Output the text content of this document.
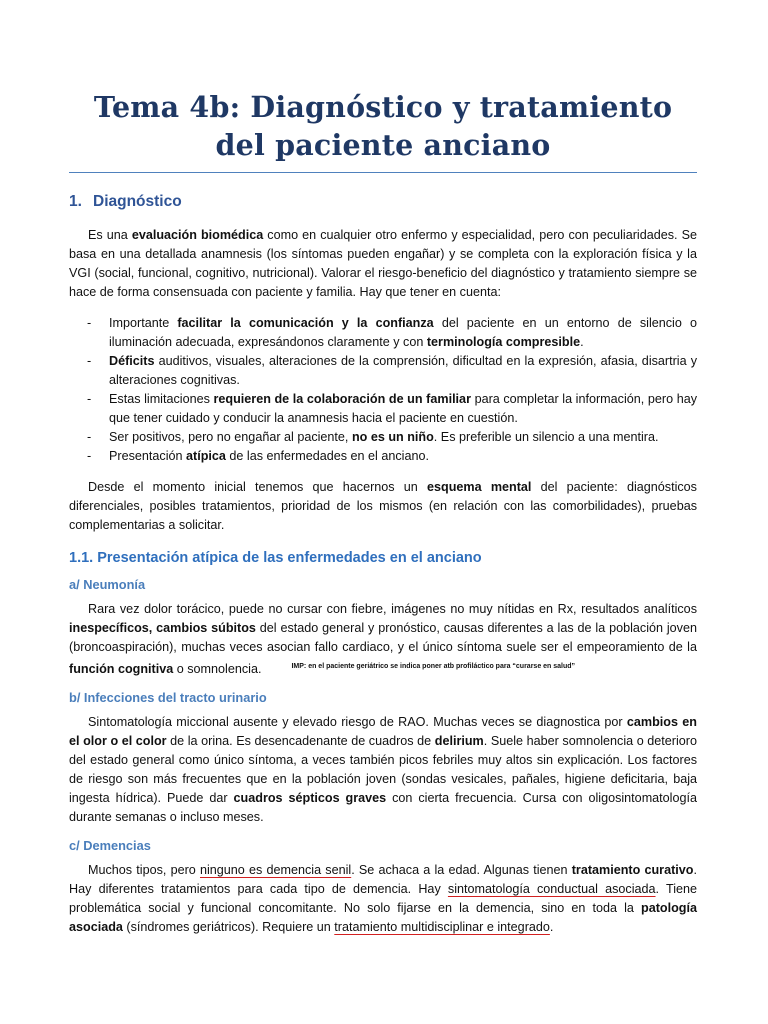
Tema 4b: Diagnóstico y tratamiento
del paciente anciano
1. Diagnóstico

Es una evaluación biomédica como en cualquier otro enfermo y especialidad, pero con peculiaridades. Se basa en una detallada anamnesis (los síntomas pueden engañar) y se completa con la exploración física y la VGI (social, funcional, cognitivo, nutricional). Valorar el riesgo-beneficio del diagnóstico y tratamiento siempre se hace de forma consensuada con paciente y familia. Hay que tener en cuenta:

- Importante facilitar la comunicación y la confianza del paciente en un entorno de silencio o iluminación adecuada, expresándonos claramente y con terminología compresible.
- Déficits auditivos, visuales, alteraciones de la comprensión, dificultad en la expresión, afasia, disartria y alteraciones cognitivas.
- Estas limitaciones requieren de la colaboración de un familiar para completar la información, pero hay que tener cuidado y conducir la anamnesis hacia el paciente en cuestión.
- Ser positivos, pero no engañar al paciente, no es un niño. Es preferible un silencio a una mentira.
- Presentación atípica de las enfermedades en el anciano.

Desde el momento inicial tenemos que hacernos un esquema mental del paciente: diagnósticos diferenciales, posibles tratamientos, prioridad de los mismos (en relación con las comorbilidades), pruebas complementarias a solicitar.

1.1. Presentación atípica de las enfermedades en el anciano
a/ Neumonía

Rara vez dolor torácico, puede no cursar con fiebre, imágenes no muy nítidas en Rx, resultados analíticos inespecíficos, cambios súbitos del estado general y pronóstico, causas diferentes a las de la población joven (broncoaspiración), muchas veces asocian fallo cardiaco, y el único síntoma suele ser el empeoramiento de la función cognitiva o somnolencia.	$^{IMP: en el paciente geriátrico se indica poner atb profiláctico para “curarse en salud”}$

b/ Infecciones del tracto urinario

Sintomatología miccional ausente y elevado riesgo de RAO. Muchas veces se diagnostica por cambios en el olor o el color de la orina. Es desencadenante de cuadros de delirium. Suele haber somnolencia o deterioro del estado general como único síntoma, a veces también picos febriles muy altos sin explicación. Los factores de riesgo son más frecuentes que en la población joven (sondas vesicales, pañales, higiene deficitaria, baja ingesta hídrica). Puede dar cuadros sépticos graves con cierta frecuencia. Cursa con oligosintomatología durante semanas o incluso meses.

c/ Demencias

Muchos tipos, pero ninguno es demencia senil. Se achaca a la edad. Algunas tienen tratamiento curativo. Hay diferentes tratamientos para cada tipo de demencia. Hay sintomatología conductual asociada. Tiene problemática social y funcional concomitante. No solo fijarse en la demencia, sino en toda la patología asociada (síndromes geriátricos). Requiere un tratamiento multidisciplinar e integrado.
